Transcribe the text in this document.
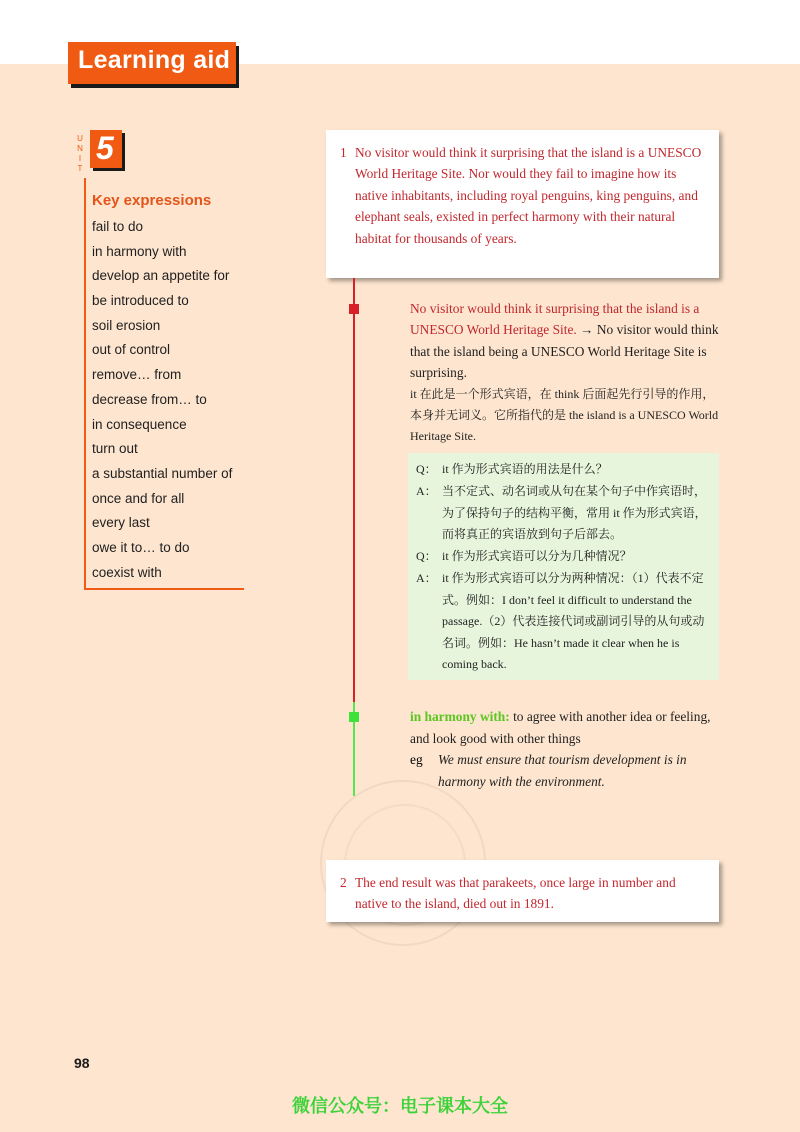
Learning aid
U
N
I
T
5
Key expressions
fail to do
in harmony with
develop an appetite for
be introduced to
soil erosion
out of control
remove… from
decrease from… to
in consequence
turn out
a substantial number of
once and for all
every last
owe it to… to do
coexist with
1 No visitor would think it surprising that the island is a UNESCO World Heritage Site. Nor would they fail to imagine how its native inhabitants, including royal penguins, king penguins, and elephant seals, existed in perfect harmony with their natural habitat for thousands of years.
No visitor would think it surprising that the island is a UNESCO World Heritage Site. → No visitor would think that the island being a UNESCO World Heritage Site is surprising.
it 在此是一个形式宾语，在 think 后面起先行引导的作用，本身并无词义。它所指代的是 the island is a UNESCO World Heritage Site.
Q： it 作为形式宾语的用法是什么？
A： 当不定式、动名词或从句在某个句子中作宾语时，为了保持句子的结构平衡，常用 it 作为形式宾语，而将真正的宾语放到句子后部去。
Q： it 作为形式宾语可以分为几种情况？
A： it 作为形式宾语可以分为两种情况：（1）代表不定式。例如：I don’t feel it difficult to understand the passage.（2）代表连接代词或副词引导的从句或动名词。例如：He hasn’t made it clear when he is coming back.
in harmony with: to agree with another idea or feeling, and look good with other things
eg We must ensure that tourism development is in harmony with the environment.
2 The end result was that parakeets, once large in number and native to the island, died out in 1891.
98
微信公众号：电子课本大全
